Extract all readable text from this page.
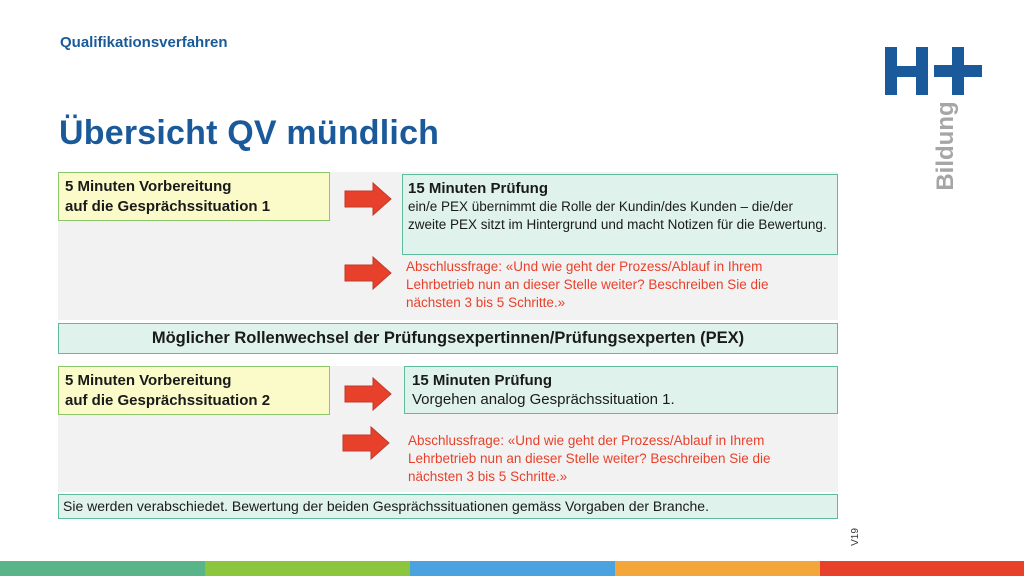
Qualifikationsverfahren
Übersicht QV mündlich	Bildung
5 Minuten Vorbereitung
auf die Gesprächssituation 1
15 Minuten Prüfung
ein/e PEX übernimmt die Rolle der Kundin/des Kunden – die/der zweite PEX sitzt im Hintergrund und macht Notizen für die Bewertung.
Abschlussfrage: «Und wie geht der Prozess/Ablauf in Ihrem Lehrbetrieb nun an dieser Stelle weiter? Beschreiben Sie die nächsten 3 bis 5 Schritte.»
Möglicher Rollenwechsel der Prüfungsexpertinnen/Prüfungsexperten (PEX)
5 Minuten Vorbereitung
auf die Gesprächssituation 2
15 Minuten Prüfung
Vorgehen analog Gesprächssituation 1.
Abschlussfrage: «Und wie geht der Prozess/Ablauf in Ihrem Lehrbetrieb nun an dieser Stelle weiter? Beschreiben Sie die nächsten 3 bis 5 Schritte.»
Sie werden verabschiedet. Bewertung der beiden Gesprächssituationen gemäss Vorgaben der Branche.
V19
